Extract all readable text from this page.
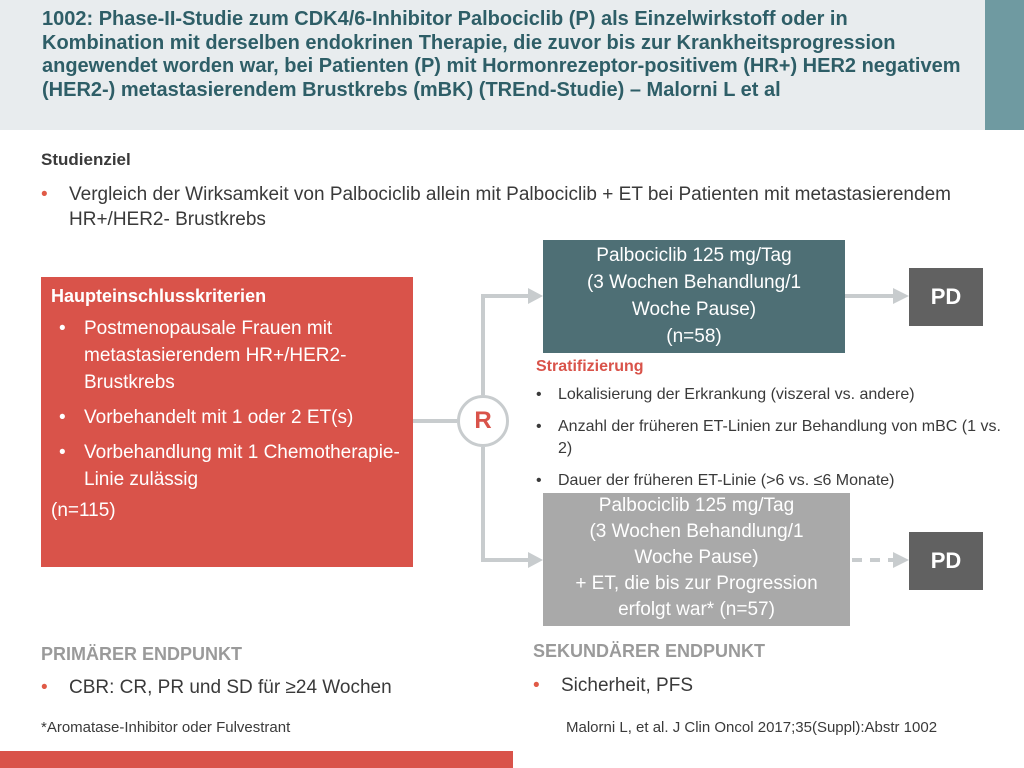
1002: Phase-II-Studie zum CDK4/6-Inhibitor Palbociclib (P) als Einzelwirkstoff oder in Kombination mit derselben endokrinen Therapie, die zuvor bis zur Krankheitsprogression angewendet worden war, bei Patienten (P) mit Hormonrezeptor-positivem (HR+) HER2 negativem (HER2-) metastasierendem Brustkrebs (mBK) (TREnd-Studie) – Malorni L et al
Studienziel
• Vergleich der Wirksamkeit von Palbociclib allein mit Palbociclib + ET bei Patienten mit metastasierendem HR+/HER2- Brustkrebs
Haupteinschlusskriterien
• Postmenopausale Frauen mit metastasierendem HR+/HER2-Brustkrebs
• Vorbehandelt mit 1 oder 2 ET(s)
• Vorbehandlung mit 1 Chemotherapie-Linie zulässig
(n=115)
R
Palbociclib 125 mg/Tag
(3 Wochen Behandlung/1
Woche Pause)
(n=58)
PD
Stratifizierung
• Lokalisierung der Erkrankung (viszeral vs. andere)
• Anzahl der früheren ET-Linien zur Behandlung von mBC (1 vs. 2)
• Dauer der früheren ET-Linie (>6 vs. ≤6 Monate)
Palbociclib 125 mg/Tag
(3 Wochen Behandlung/1
Woche Pause)
+ ET, die bis zur Progression
erfolgt war* (n=57)
PD
PRIMÄRER ENDPUNKT
• CBR: CR, PR und SD für ≥24 Wochen
SEKUNDÄRER ENDPUNKT
• Sicherheit, PFS
*Aromatase-Inhibitor oder Fulvestrant	Malorni L, et al. J Clin Oncol 2017;35(Suppl):Abstr 1002
